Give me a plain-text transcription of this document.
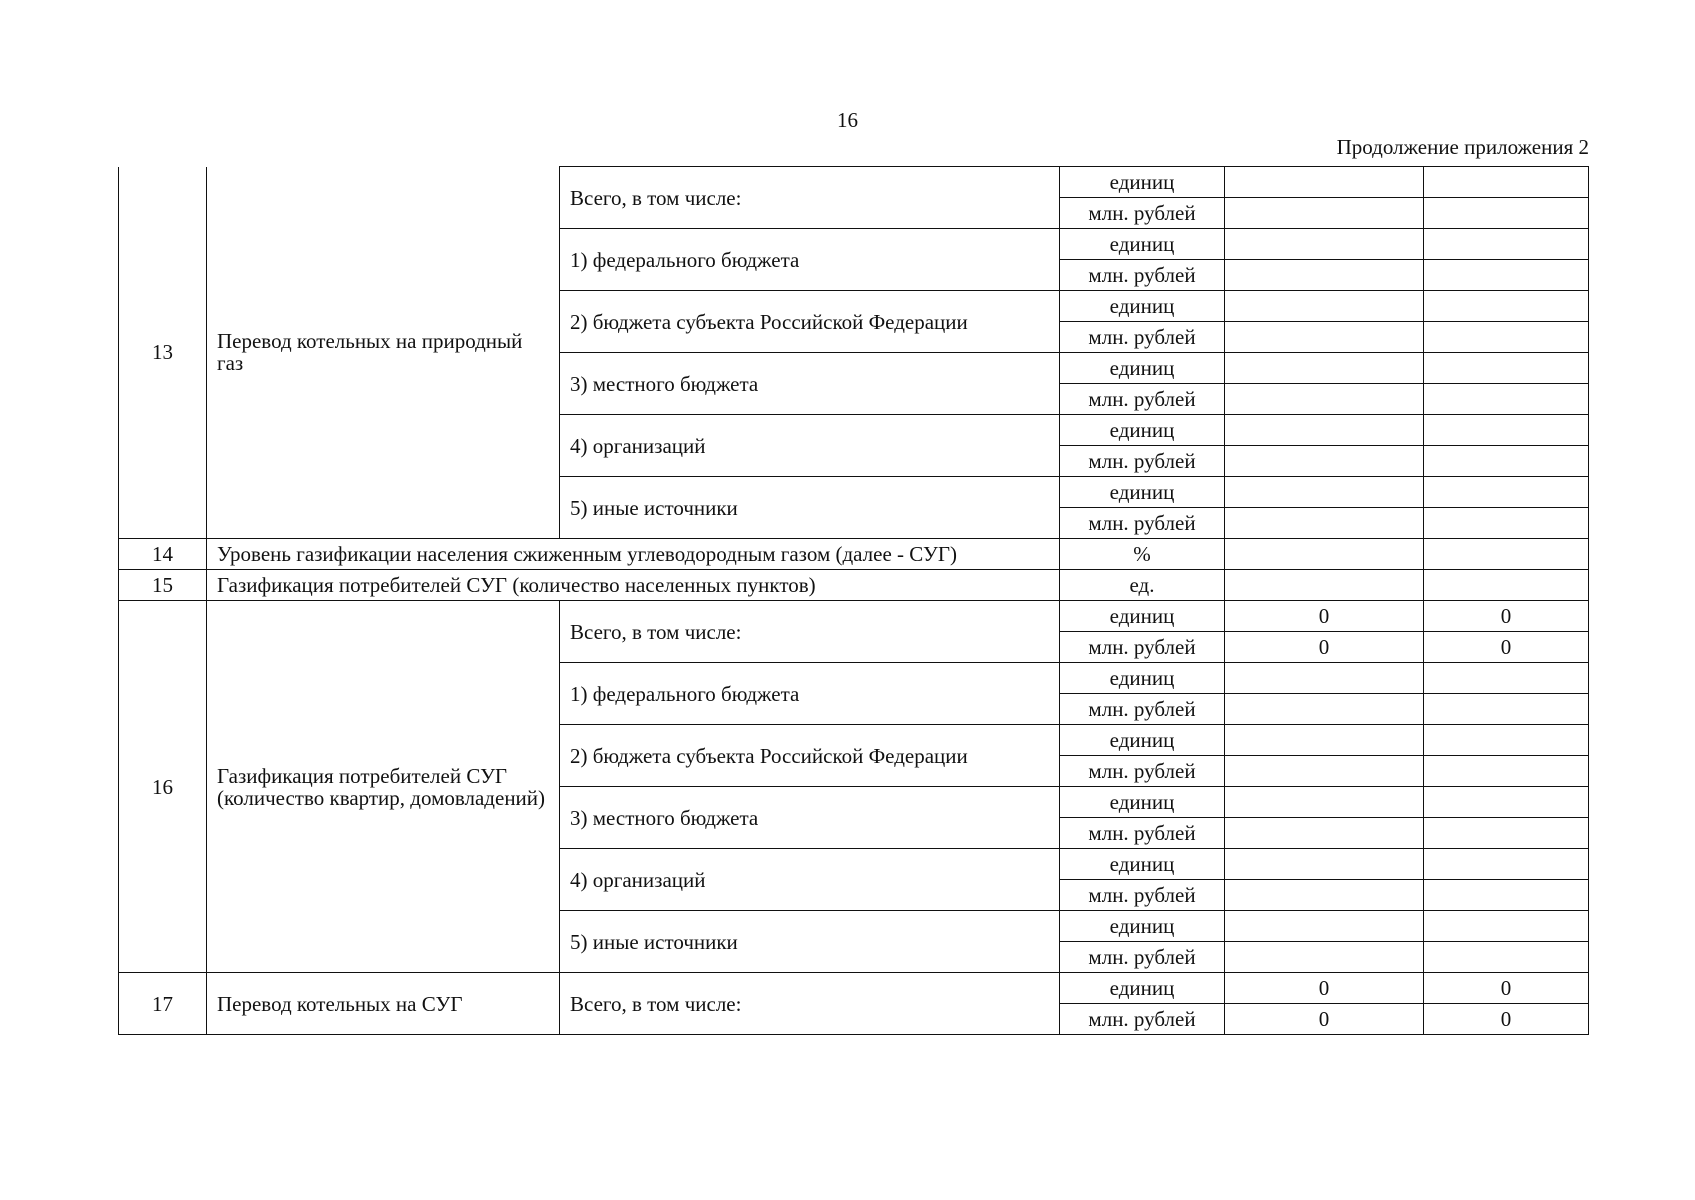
16
Продолжение приложения 2
13	Перевод котельных на природный газ	Всего, в том числе:	единиц		
			млн. рублей		
		1) федерального бюджета	единиц		
			млн. рублей		
		2) бюджета субъекта Российской Федерации	единиц		
			млн. рублей		
		3) местного бюджета	единиц		
			млн. рублей		
		4) организаций	единиц		
			млн. рублей		
		5) иные источники	единиц		
			млн. рублей		
14	Уровень газификации населения сжиженным углеводородным газом (далее - СУГ)		%		
15	Газификация потребителей СУГ (количество населенных пунктов)		ед.		
16	Газификация потребителей СУГ (количество квартир, домовладений)	Всего, в том числе:	единиц	0	0
			млн. рублей	0	0
		1) федерального бюджета	единиц		
			млн. рублей		
		2) бюджета субъекта Российской Федерации	единиц		
			млн. рублей		
		3) местного бюджета	единиц		
			млн. рублей		
		4) организаций	единиц		
			млн. рублей		
		5) иные источники	единиц		
			млн. рублей		
17	Перевод котельных на СУГ	Всего, в том числе:	единиц	0	0
			млн. рублей	0	0
